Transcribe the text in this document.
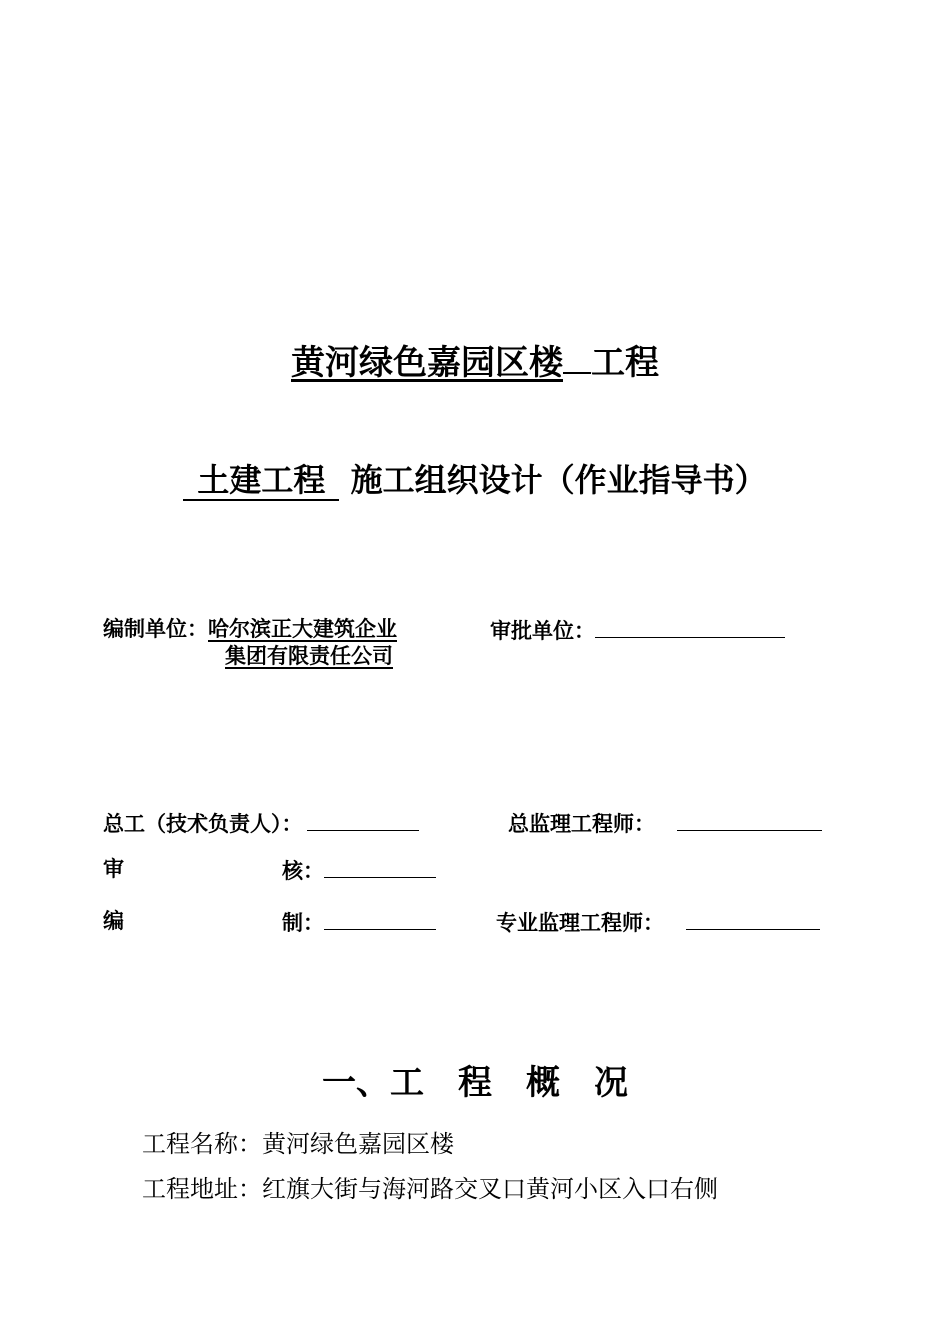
黄河绿色嘉园区楼 工程
土建工程 施工组织设计（作业指导书）
编制单位：哈尔滨正大建筑企业
集团有限责任公司
审批单位：
总工（技术负责人）：	总监理工程师：
审	核：
编	制：	专业监理工程师：
一、工 程 概 况
工程名称：黄河绿色嘉园区楼
工程地址：红旗大街与海河路交叉口黄河小区入口右侧
